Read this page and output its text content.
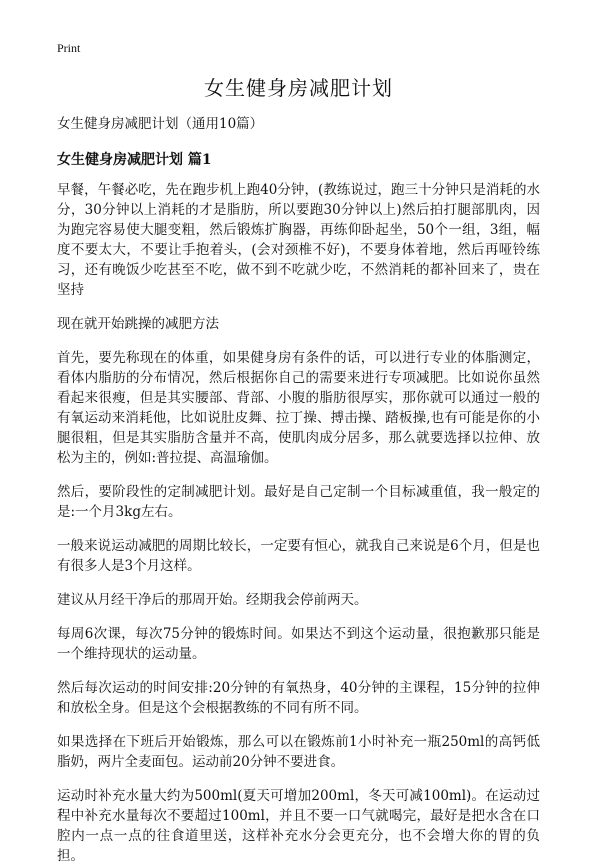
Print
女生健身房减肥计划

女生健身房减肥计划（通用10篇）

女生健身房减肥计划 篇1

早餐，午餐必吃，先在跑步机上跑40分钟，(教练说过，跑三十分钟只是消耗的水分，30分钟以上消耗的才是脂肪，所以要跑30分钟以上)然后拍打腿部肌肉，因为跑完容易使大腿变粗，然后锻炼扩胸器，再练仰卧起坐，50个一组，3组，幅度不要太大，不要让手抱着头，(会对颈椎不好)，不要身体着地，然后再哑铃练习，还有晚饭少吃甚至不吃，做不到不吃就少吃，不然消耗的都补回来了，贵在坚持

现在就开始跳操的减肥方法

首先，要先称现在的体重，如果健身房有条件的话，可以进行专业的体脂测定，看体内脂肪的分布情况，然后根据你自己的需要来进行专项减肥。比如说你虽然看起来很瘦，但是其实腰部、背部、小腹的脂肪很厚实，那你就可以通过一般的有氧运动来消耗他，比如说肚皮舞、拉丁操、搏击操、踏板操,也有可能是你的小腿很粗，但是其实脂肪含量并不高，使肌肉成分居多，那么就要选择以拉伸、放松为主的，例如:普拉提、高温瑜伽。

然后，要阶段性的定制减肥计划。最好是自己定制一个目标减重值，我一般定的是:一个月3kg左右。

一般来说运动减肥的周期比较长，一定要有恒心，就我自己来说是6个月，但是也有很多人是3个月这样。

建议从月经干净后的那周开始。经期我会停前两天。

每周6次课，每次75分钟的锻炼时间。如果达不到这个运动量，很抱歉那只能是一个维持现状的运动量。

然后每次运动的时间安排:20分钟的有氧热身，40分钟的主课程，15分钟的拉伸和放松全身。但是这个会根据教练的不同有所不同。

如果选择在下班后开始锻炼，那么可以在锻炼前1小时补充一瓶250ml的高钙低脂奶，两片全麦面包。运动前20分钟不要进食。

运动时补充水量大约为500ml(夏天可增加200ml，冬天可减100ml)。在运动过程中补充水量每次不要超过100ml，并且不要一口气就喝完，最好是把水含在口腔内一点一点的往食道里送，这样补充水分会更充分，也不会增大你的胃的负担。
